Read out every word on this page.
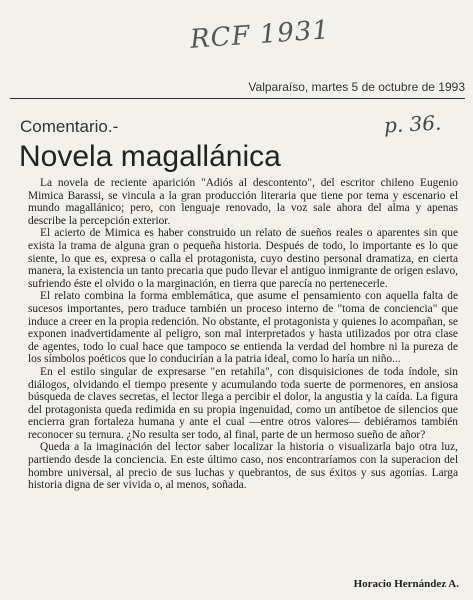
RCF 1931
Valparaíso, martes 5 de octubre de 1993
Comentario.-	p. 36.
Novela magallánica

La novela de reciente aparición "Adiós al descontento", del escritor chileno Eugenio Mimica Barassi, se vincula a la gran producción literaria que tiene por tema y escenario el mundo magallánico; pero, con lenguaje renovado, la voz sale ahora del alma y apenas describe la percepción exterior.

El acierto de Mimica es haber construido un relato de sueños reales o aparentes sin que exista la trama de alguna gran o pequeña historia. Después de todo, lo importante es lo que siente, lo que es, expresa o calla el protagonista, cuyo destino personal dramatiza, en cierta manera, la existencia un tanto precaria que pudo llevar el antiguo inmigrante de origen eslavo, sufriendo éste el olvido o la marginación, en tierra que parecía no pertenecerle.

El relato combina la forma emblemática, que asume el pensamiento con aquella falta de sucesos importantes, pero traduce también un proceso interno de "toma de conciencia" que induce a creer en la propia redención. No obstante, el protagonista y quienes lo acompañan, se exponen inadvertidamente al peligro, son mal interpretados y hasta utilizados por otra clase de agentes, todo lo cual hace que tampoco se entienda la verdad del hombre ni la pureza de los símbolos poéticos que lo conducirían a la patria ideal, como lo haría un niño...

En el estilo singular de expresarse "en retahila", con disquisiciones de toda índole, sin diálogos, olvidando el tiempo presente y acumulando toda suerte de pormenores, en ansiosa búsqueda de claves secretas, el lector llega a percibir el dolor, la angustia y la caída. La figura del protagonista queda redimida en su propia ingenuidad, como un antíbetoe de silencios que encierra gran fortaleza humana y ante el cual —entre otros valores— debiéramos también reconocer su ternura. ¿No resulta ser todo, al final, parte de un hermoso sueño de añor?

Queda a la imaginación del lector saber localizar la historia o visualizarla bajo otra luz, partiendo desde la conciencia. En este último caso, nos encontraríamos con la superacion del hombre universal, al precio de sus luchas y quebrantos, de sus éxitos y sus agonías. Larga historia digna de ser vivida o, al menos, soñada.

Horacio Hernández A.
